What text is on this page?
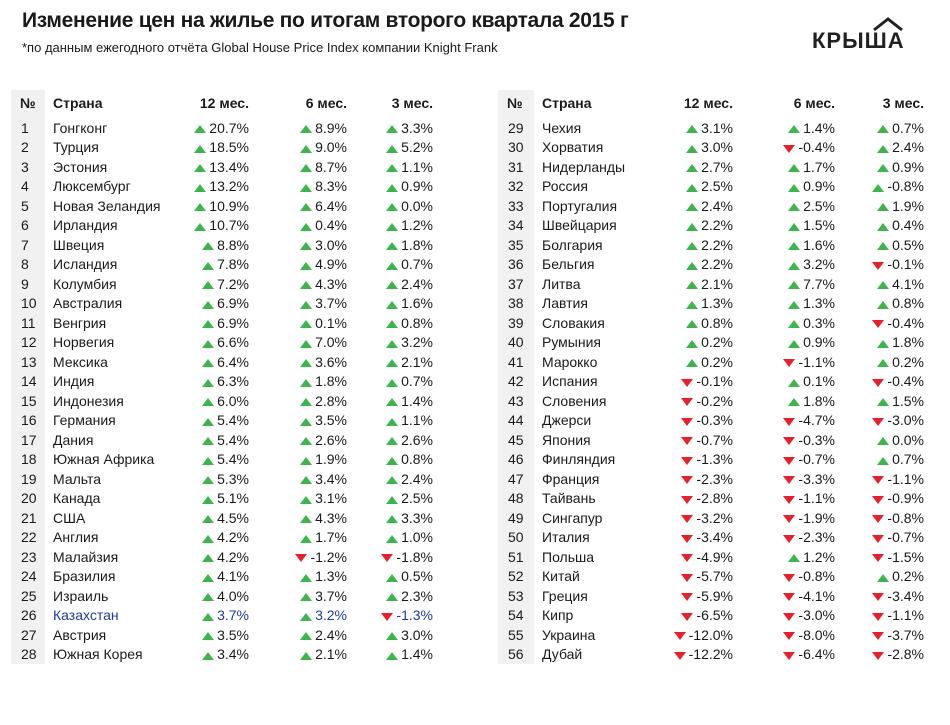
Изменение цен на жилье по итогам второго квартала 2015 г
*по данным ежегодного отчёта Global House Price Index компании Knight Frank	КРЫША
№	Страна	12 мес.	6 мес.	3 мес.
1	Гонгконг	20.7%	8.9%	3.3%
2	Турция	18.5%	9.0%	5.2%
3	Эстония	13.4%	8.7%	1.1%
4	Люксембург	13.2%	8.3%	0.9%
5	Новая Зеландия	10.9%	6.4%	0.0%
6	Ирландия	10.7%	0.4%	1.2%
7	Швеция	8.8%	3.0%	1.8%
8	Исландия	7.8%	4.9%	0.7%
9	Колумбия	7.2%	4.3%	2.4%
10	Австралия	6.9%	3.7%	1.6%
11	Венгрия	6.9%	0.1%	0.8%
12	Норвегия	6.6%	7.0%	3.2%
13	Мексика	6.4%	3.6%	2.1%
14	Индия	6.3%	1.8%	0.7%
15	Индонезия	6.0%	2.8%	1.4%
16	Германия	5.4%	3.5%	1.1%
17	Дания	5.4%	2.6%	2.6%
18	Южная Африка	5.4%	1.9%	0.8%
19	Мальта	5.3%	3.4%	2.4%
20	Канада	5.1%	3.1%	2.5%
21	США	4.5%	4.3%	3.3%
22	Англия	4.2%	1.7%	1.0%
23	Малайзия	4.2%	-1.2%	-1.8%
24	Бразилия	4.1%	1.3%	0.5%
25	Израиль	4.0%	3.7%	2.3%
26	Казахстан	3.7%	3.2%	-1.3%
27	Австрия	3.5%	2.4%	3.0%
28	Южная Корея	3.4%	2.1%	1.4%
№	Страна	12 мес.	6 мес.	3 мес.
29	Чехия	3.1%	1.4%	0.7%
30	Хорватия	3.0%	-0.4%	2.4%
31	Нидерланды	2.7%	1.7%	0.9%
32	Россия	2.5%	0.9%	-0.8%
33	Португалия	2.4%	2.5%	1.9%
34	Швейцария	2.2%	1.5%	0.4%
35	Болгария	2.2%	1.6%	0.5%
36	Бельгия	2.2%	3.2%	-0.1%
37	Литва	2.1%	7.7%	4.1%
38	Лавтия	1.3%	1.3%	0.8%
39	Словакия	0.8%	0.3%	-0.4%
40	Румыния	0.2%	0.9%	1.8%
41	Марокко	0.2%	-1.1%	0.2%
42	Испания	-0.1%	0.1%	-0.4%
43	Словения	-0.2%	1.8%	1.5%
44	Джерси	-0.3%	-4.7%	-3.0%
45	Япония	-0.7%	-0.3%	0.0%
46	Финляндия	-1.3%	-0.7%	0.7%
47	Франция	-2.3%	-3.3%	-1.1%
48	Тайвань	-2.8%	-1.1%	-0.9%
49	Сингапур	-3.2%	-1.9%	-0.8%
50	Италия	-3.4%	-2.3%	-0.7%
51	Польша	-4.9%	1.2%	-1.5%
52	Китай	-5.7%	-0.8%	0.2%
53	Греция	-5.9%	-4.1%	-3.4%
54	Кипр	-6.5%	-3.0%	-1.1%
55	Украина	-12.0%	-8.0%	-3.7%
56	Дубай	-12.2%	-6.4%	-2.8%
